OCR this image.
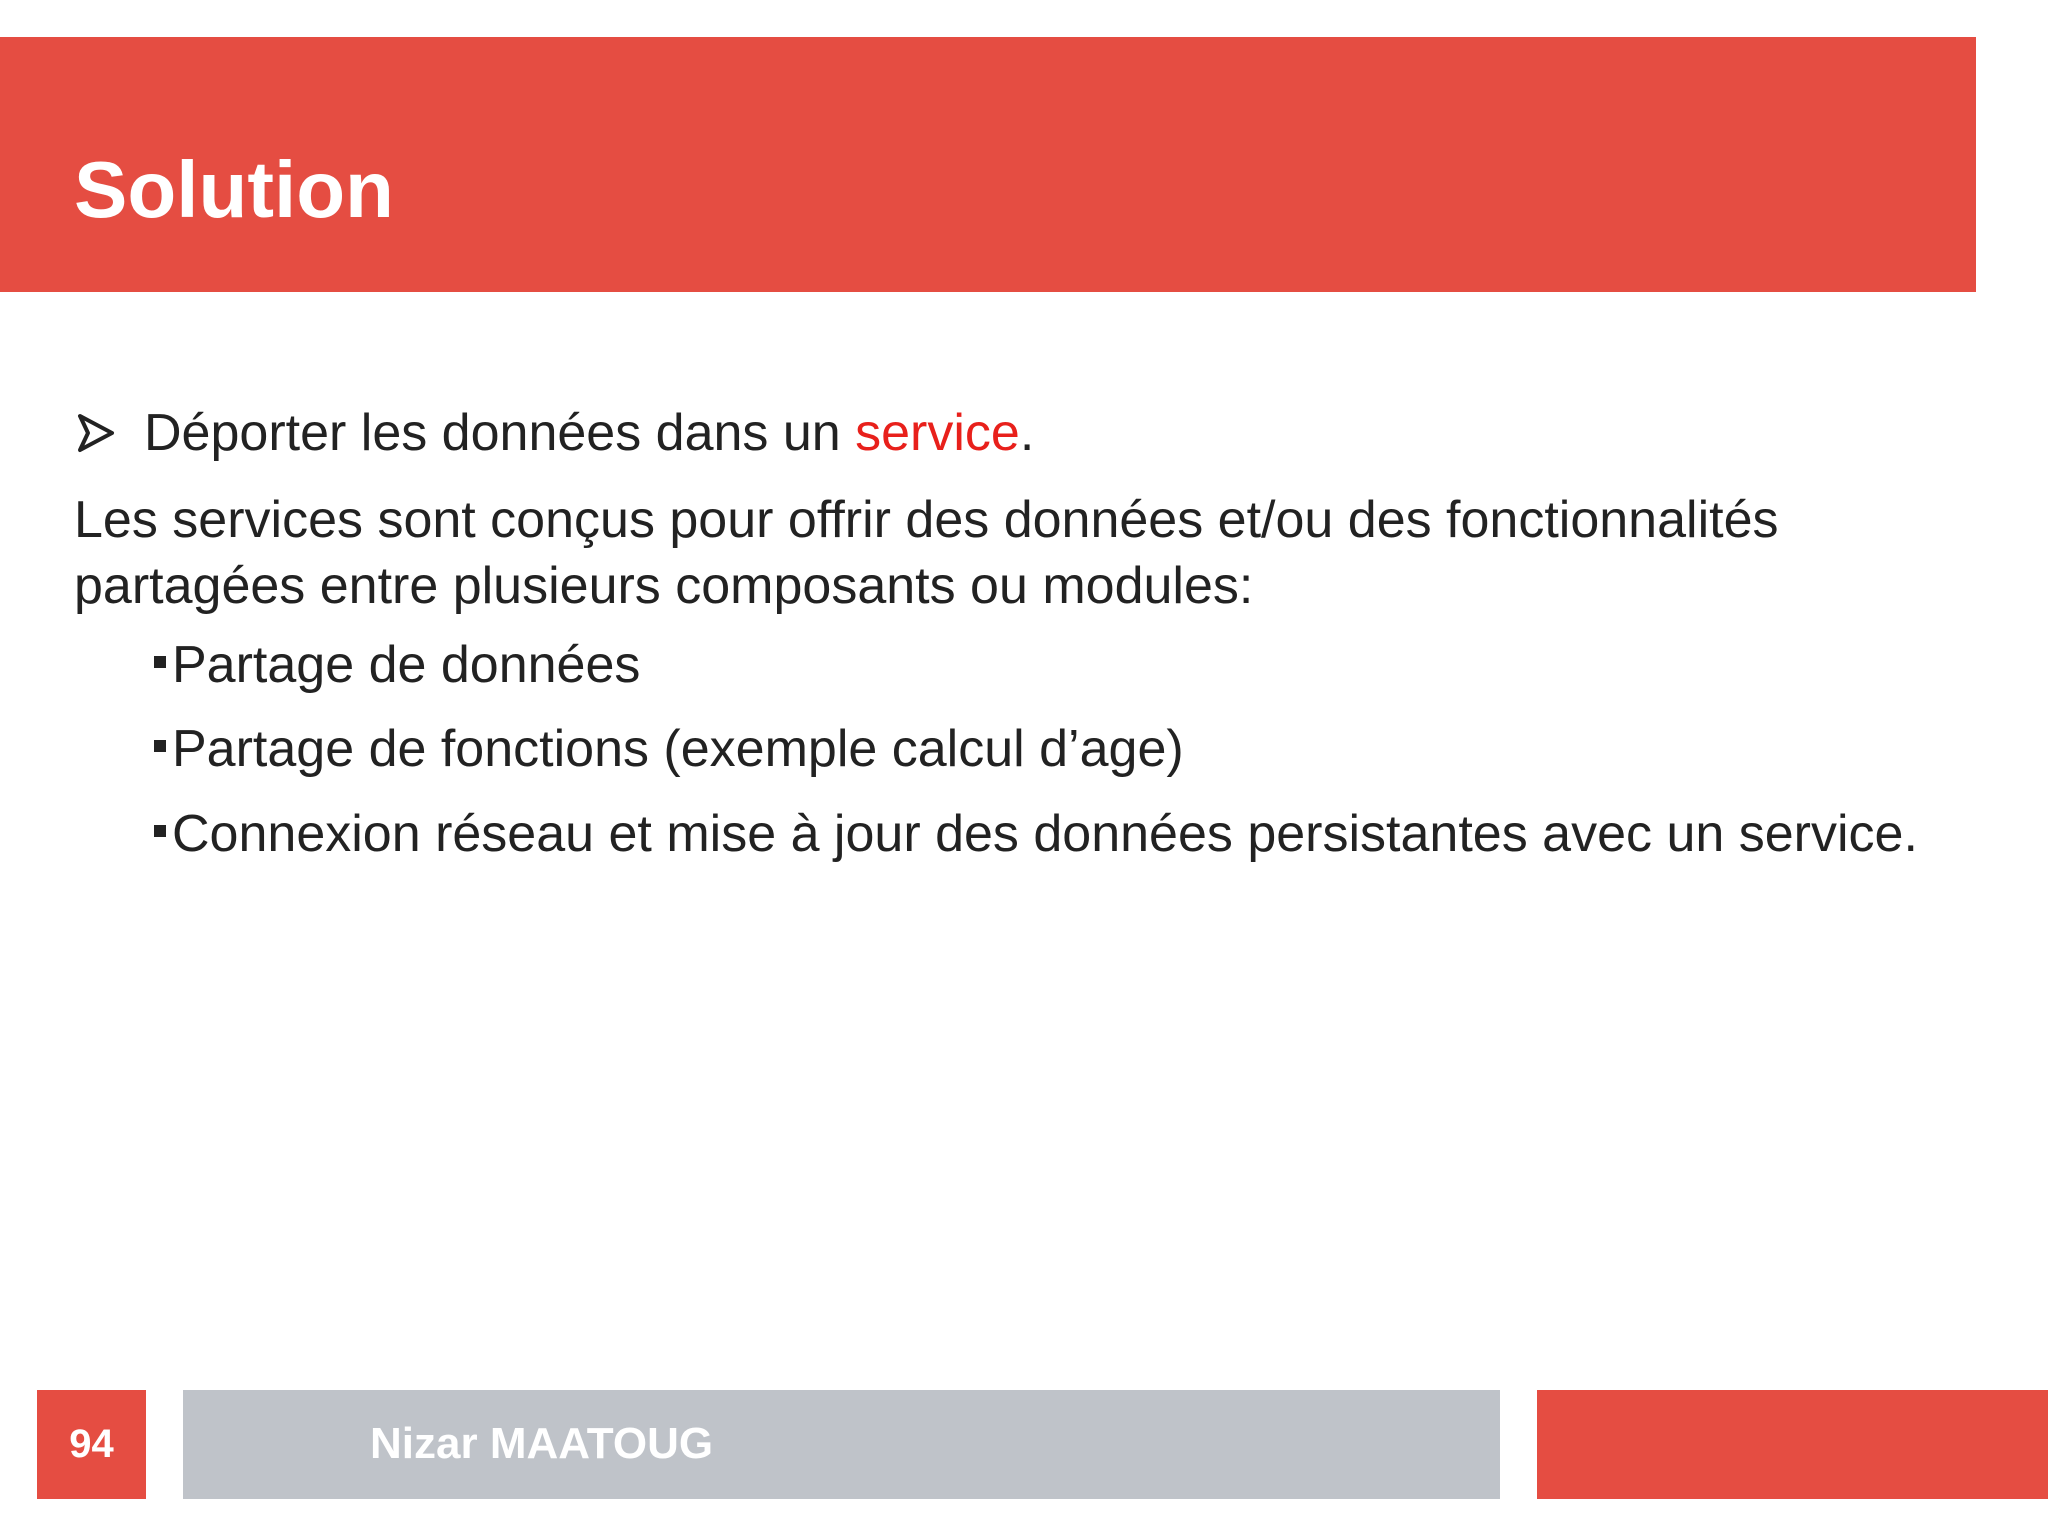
Solution
Déporter les données dans un service.
Les services sont conçus pour offrir des données et/ou des fonctionnalités partagées entre plusieurs composants ou modules:
Partage de données
Partage de fonctions (exemple calcul d’age)
Connexion réseau et mise à jour des données persistantes avec un service.
94	Nizar MAATOUG
